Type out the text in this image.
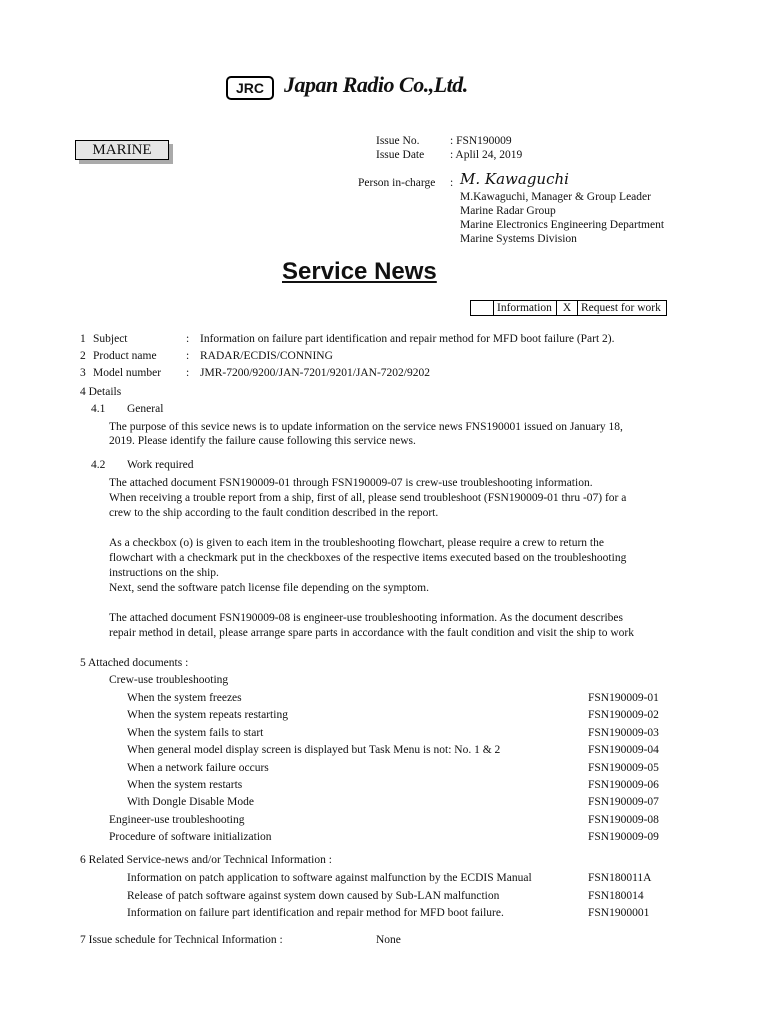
JRC Japan Radio Co.,Ltd.
MARINE
Issue No.	: FSN190009
Issue Date : Aplil 24, 2019
Person in-charge : M. Kawaguchi
M.Kawaguchi, Manager & Group Leader
Marine Radar Group
Marine Electronics Engineering Department
Marine Systems Division
Service News
	Information	X	Request for work
1 Subject	: Information on failure part identification and repair method for MFD boot failure (Part 2).
2 Product name	: RADAR/ECDIS/CONNING
3 Model number : JMR-7200/9200/JAN-7201/9201/JAN-7202/9202
4 Details
4.1 General
The purpose of this sevice news is to update information on the service news FNS190001 issued on January 18,
2019. Please identify the failure cause following this service news.
4.2 Work required
The attached document FSN190009-01 through FSN190009-07 is crew-use troubleshooting information.
When receiving a trouble report from a ship, first of all, please send troubleshoot (FSN190009-01 thru -07) for a
crew to the ship according to the fault condition described in the report.
As a checkbox (o) is given to each item in the troubleshooting flowchart, please require a crew to return the
flowchart with a checkmark put in the checkboxes of the respective items executed based on the troubleshooting
instructions on the ship.
Next, send the software patch license file depending on the symptom.
The attached document FSN190009-08 is engineer-use troubleshooting information. As the document describes
repair method in detail, please arrange spare parts in accordance with the fault condition and visit the ship to work
5 Attached documents :
Crew-use troubleshooting
When the system freezes	FSN190009-01
When the system repeats restarting	FSN190009-02
When the system fails to start	FSN190009-03
When general model display screen is displayed but Task Menu is not: No. 1 & 2	FSN190009-04
When a network failure occurs	FSN190009-05
When the system restarts	FSN190009-06
With Dongle Disable Mode	FSN190009-07
Engineer-use troubleshooting	FSN190009-08
Procedure of software initialization	FSN190009-09
6 Related Service-news and/or Technical Information :
Information on patch application to software against malfunction by the ECDIS Manual	FSN180011A
Release of patch software against system down caused by Sub-LAN malfunction	FSN180014
Information on failure part identification and repair method for MFD boot failure.	FSN1900001
7 Issue schedule for Technical Information :	None
